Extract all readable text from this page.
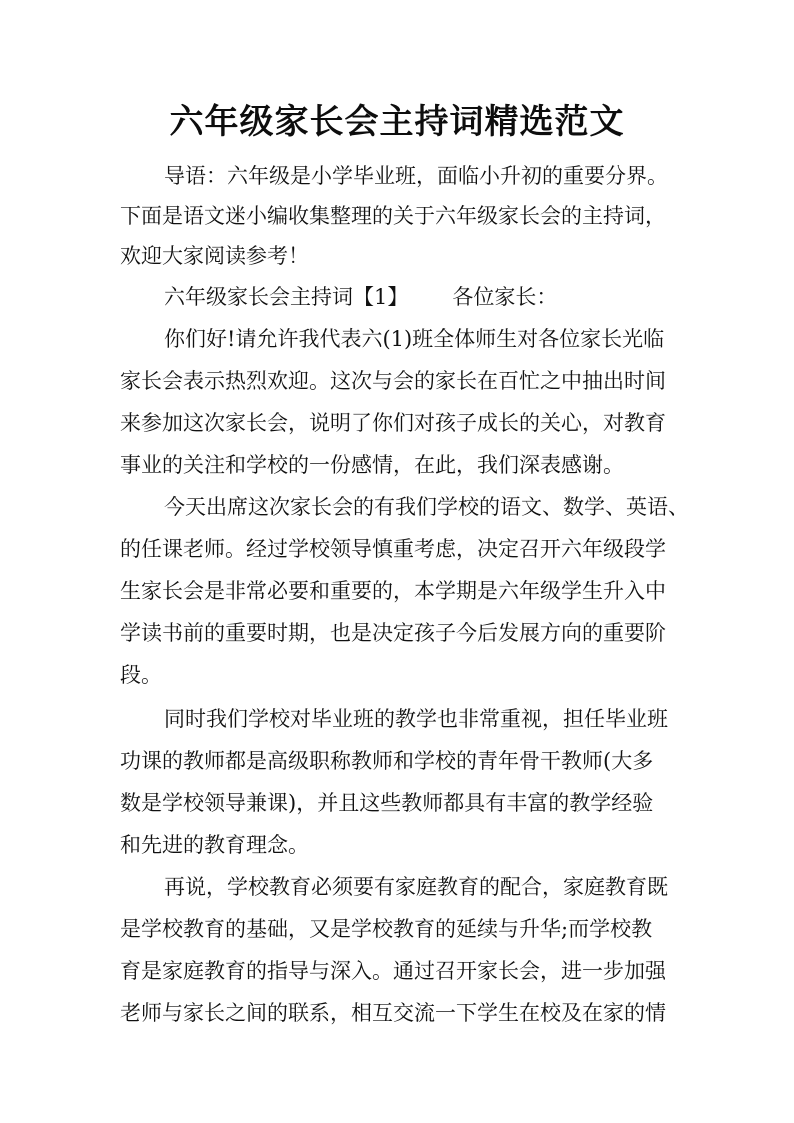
六年级家长会主持词精选范文
导语：六年级是小学毕业班，面临小升初的重要分界。
下面是语文迷小编收集整理的关于六年级家长会的主持词，
欢迎大家阅读参考！
六年级家长会主持词【1】 各位家长：
你们好!请允许我代表六(1)班全体师生对各位家长光临
家长会表示热烈欢迎。这次与会的家长在百忙之中抽出时间
来参加这次家长会，说明了你们对孩子成长的关心，对教育
事业的关注和学校的一份感情，在此，我们深表感谢。
今天出席这次家长会的有我们学校的语文、数学、英语、
的任课老师。经过学校领导慎重考虑，决定召开六年级段学
生家长会是非常必要和重要的，本学期是六年级学生升入中
学读书前的重要时期，也是决定孩子今后发展方向的重要阶
段。
同时我们学校对毕业班的教学也非常重视，担任毕业班
功课的教师都是高级职称教师和学校的青年骨干教师(大多
数是学校领导兼课)，并且这些教师都具有丰富的教学经验
和先进的教育理念。
再说，学校教育必须要有家庭教育的配合，家庭教育既
是学校教育的基础，又是学校教育的延续与升华;而学校教
育是家庭教育的指导与深入。通过召开家长会，进一步加强
老师与家长之间的联系，相互交流一下学生在校及在家的情
